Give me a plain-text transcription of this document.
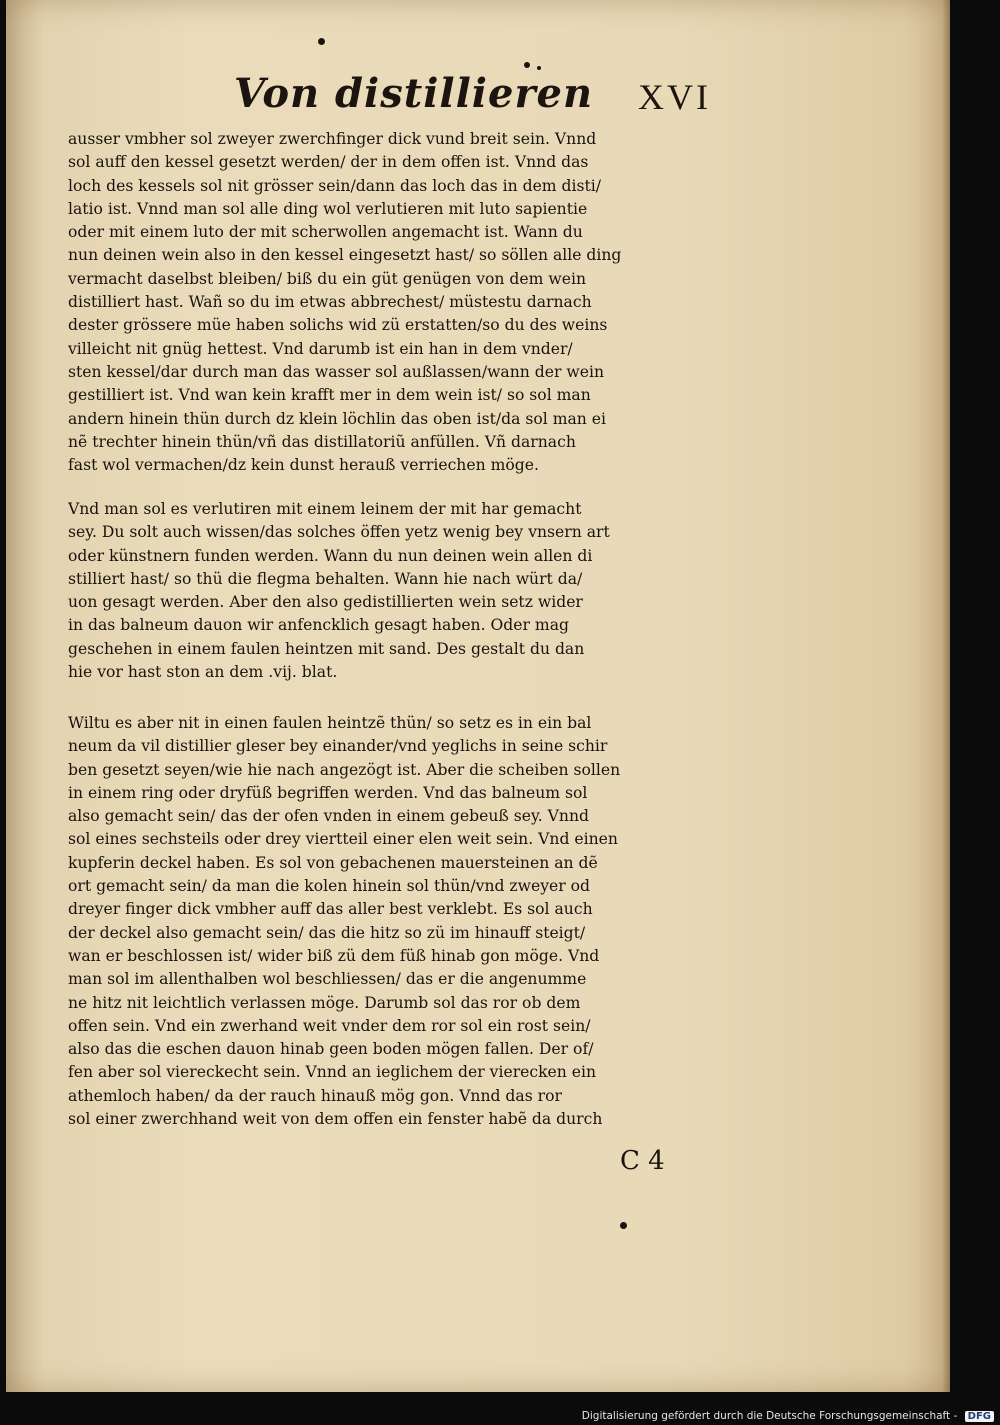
Von distillieren XVI
ausser vmbher sol zweyer zwerchfinger dick vund breit sein. Vnnd
sol auff den kessel gesetzt werden/ der in dem offen ist. Vnnd das
loch des kessels sol nit grösser sein/dann das loch das in dem disti/
latio ist. Vnnd man sol alle ding wol verlutieren mit luto sapientie
oder mit einem luto der mit scherwollen angemacht ist. Wann du
nun deinen wein also in den kessel eingesetzt hast/ so söllen alle ding
vermacht daselbst bleiben/ biß du ein güt genügen von dem wein
distilliert hast. Wañ so du im etwas abbrechest/ müstestu darnach
dester grössere müe haben solichs wid zü erstatten/so du des weins
villeicht nit gnüg hettest. Vnd darumb ist ein han in dem vnder/
sten kessel/dar durch man das wasser sol außlassen/wann der wein
gestilliert ist. Vnd wan kein krafft mer in dem wein ist/ so sol man
andern hinein thün durch dz klein löchlin das oben ist/da sol man ei
nẽ trechter hinein thün/vñ das distillatoriũ anfüllen. Vñ darnach
fast wol vermachen/dz kein dunst herauß verriechen möge.
Vnd man sol es verlutiren mit einem leinem der mit har gemacht
sey. Du solt auch wissen/das solches öffen yetz wenig bey vnsern art
oder künstnern funden werden. Wann du nun deinen wein allen di
stilliert hast/ so thü die flegma behalten. Wann hie nach würt da/
uon gesagt werden. Aber den also gedistillierten wein setz wider
in das balneum dauon wir anfencklich gesagt haben. Oder mag
geschehen in einem faulen heintzen mit sand. Des gestalt du dan
hie vor hast ston an dem .vij. blat.
Wiltu es aber nit in einen faulen heintzẽ thün/ so setz es in ein bal
neum da vil distillier gleser bey einander/vnd yeglichs in seine schir
ben gesetzt seyen/wie hie nach angezögt ist. Aber die scheiben sollen
in einem ring oder dryfüß begriffen werden. Vnd das balneum sol
also gemacht sein/ das der ofen vnden in einem gebeuß sey. Vnnd
sol eines sechsteils oder drey viertteil einer elen weit sein. Vnd einen
kupferin deckel haben. Es sol von gebachenen mauersteinen an dẽ
ort gemacht sein/ da man die kolen hinein sol thün/vnd zweyer od
dreyer finger dick vmbher auff das aller best verklebt. Es sol auch
der deckel also gemacht sein/ das die hitz so zü im hinauff steigt/
wan er beschlossen ist/ wider biß zü dem füß hinab gon möge. Vnd
man sol im allenthalben wol beschliessen/ das er die angenumme
ne hitz nit leichtlich verlassen möge. Darumb sol das ror ob dem
offen sein. Vnd ein zwerhand weit vnder dem ror sol ein rost sein/
also das die eschen dauon hinab geen boden mögen fallen. Der of/
fen aber sol viereckecht sein. Vnnd an ieglichem der vierecken ein
athemloch haben/ da der rauch hinauß mög gon. Vnnd das ror
sol einer zwerchhand weit von dem offen ein fenster habẽ da durch
C 4
Digitalisierung gefördert durch die Deutsche Forschungsgemeinschaft - DFG
